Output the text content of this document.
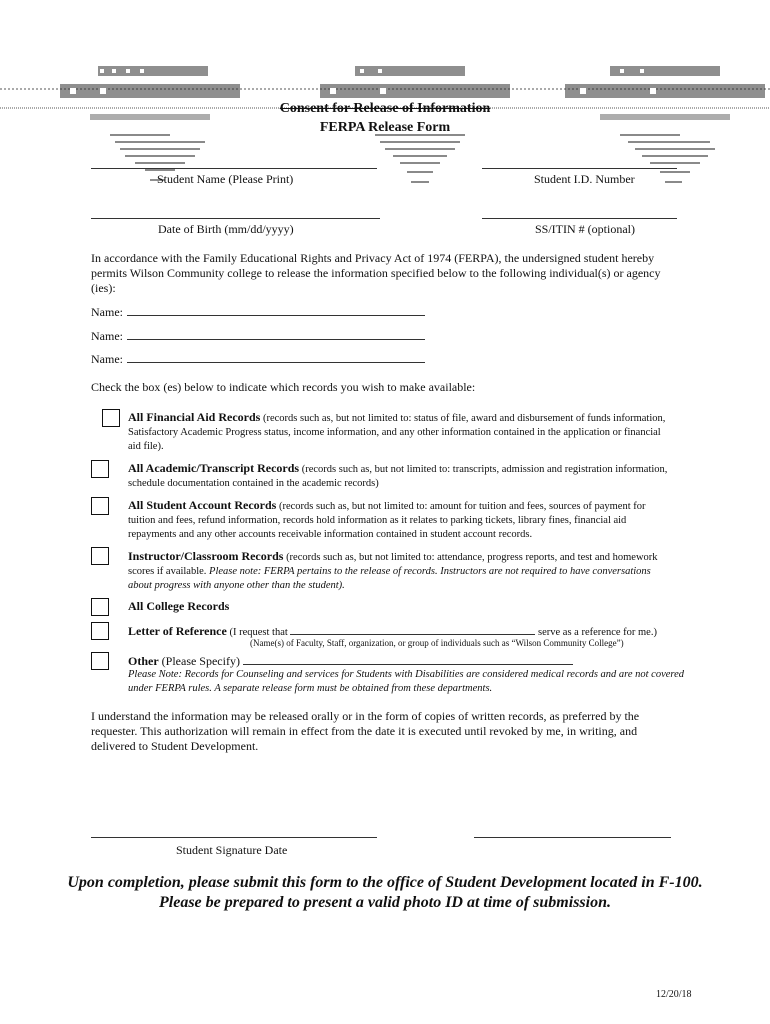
Consent for Release of Information
FERPA Release Form
Student Name (Please Print)	Student I.D. Number
Date of Birth (mm/dd/yyyy)	SS/ITIN # (optional)
In accordance with the Family Educational Rights and Privacy Act of 1974 (FERPA), the undersigned student hereby permits Wilson Community college to release the information specified below to the following individual(s) or agency (ies):
Name:
Name:
Name:
Check the box (es) below to indicate which records you wish to make available:
All Financial Aid Records (records such as, but not limited to: status of file, award and disbursement of funds information, Satisfactory Academic Progress status, income information, and any other information contained in the application or financial aid file).
All Academic/Transcript Records (records such as, but not limited to: transcripts, admission and registration information, schedule documentation contained in the academic records)
All Student Account Records (records such as, but not limited to: amount for tuition and fees, sources of payment for tuition and fees, refund information, records hold information as it relates to parking tickets, library fines, financial aid repayments and any other accounts receivable information contained in student account records.
Instructor/Classroom Records (records such as, but not limited to: attendance, progress reports, and test and homework scores if available. Please note: FERPA pertains to the release of records. Instructors are not required to have conversations about progress with anyone other than the student).
All College Records
Letter of Reference (I request that	serve as a reference for me.)
(Name(s) of Faculty, Staff, organization, or group of individuals such as “Wilson Community College”)
Other (Please Specify)
Please Note: Records for Counseling and services for Students with Disabilities are considered medical records and are not covered under FERPA rules. A separate release form must be obtained from these departments.
I understand the information may be released orally or in the form of copies of written records, as preferred by the requester. This authorization will remain in effect from the date it is executed until revoked by me, in writing, and delivered to Student Development.
Student Signature Date
Upon completion, please submit this form to the office of Student Development located in F-100. Please be prepared to present a valid photo ID at time of submission.
12/20/18
